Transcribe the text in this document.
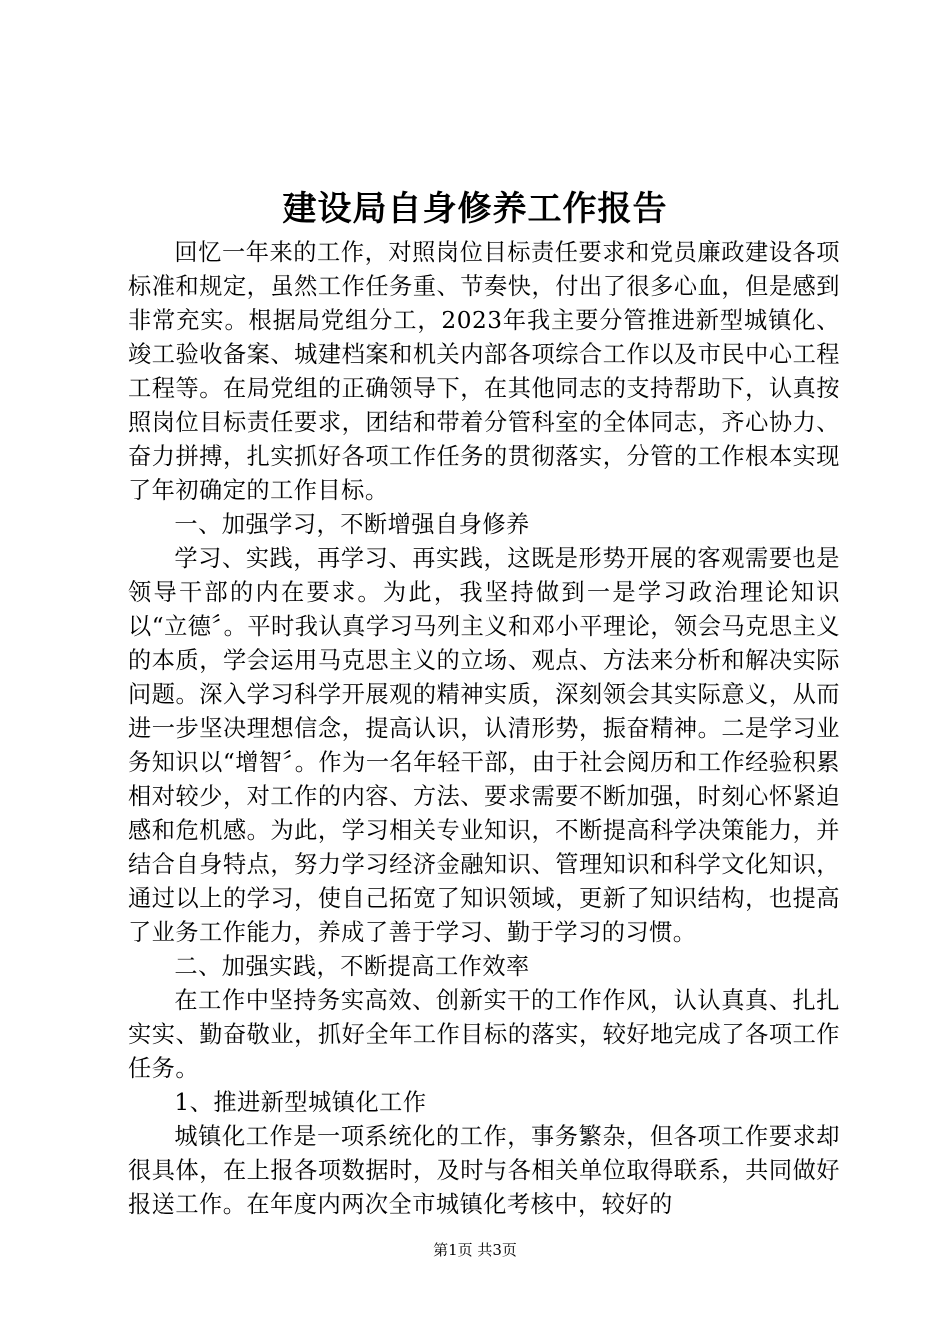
建设局自身修养工作报告

回忆一年来的工作，对照岗位目标责任要求和党员廉政建设各项标准和规定，虽然工作任务重、节奏快，付出了很多心血，但是感到非常充实。根据局党组分工，2023年我主要分管推进新型城镇化、竣工验收备案、城建档案和机关内部各项综合工作以及市民中心工程工程等。在局党组的正确领导下，在其他同志的支持帮助下，认真按照岗位目标责任要求，团结和带着分管科室的全体同志，齐心协力、奋力拼搏，扎实抓好各项工作任务的贯彻落实，分管的工作根本实现了年初确定的工作目标。

一、加强学习，不断增强自身修养

学习、实践，再学习、再实践，这既是形势开展的客观需要也是领导干部的内在要求。为此，我坚持做到一是学习政治理论知识以“立德〞。平时我认真学习马列主义和邓小平理论，领会马克思主义的本质，学会运用马克思主义的立场、观点、方法来分析和解决实际问题。深入学习科学开展观的精神实质，深刻领会其实际意义，从而进一步坚决理想信念，提高认识，认清形势，振奋精神。二是学习业务知识以“增智〞。作为一名年轻干部，由于社会阅历和工作经验积累相对较少，对工作的内容、方法、要求需要不断加强，时刻心怀紧迫感和危机感。为此，学习相关专业知识，不断提高科学决策能力，并结合自身特点，努力学习经济金融知识、管理知识和科学文化知识，通过以上的学习，使自己拓宽了知识领域，更新了知识结构，也提高了业务工作能力，养成了善于学习、勤于学习的习惯。

二、加强实践，不断提高工作效率

在工作中坚持务实高效、创新实干的工作作风，认认真真、扎扎实实、勤奋敬业，抓好全年工作目标的落实，较好地完成了各项工作任务。

1、推进新型城镇化工作

城镇化工作是一项系统化的工作，事务繁杂，但各项工作要求却很具体，在上报各项数据时，及时与各相关单位取得联系，共同做好报送工作。在年度内两次全市城镇化考核中，较好的

第1页 共3页
